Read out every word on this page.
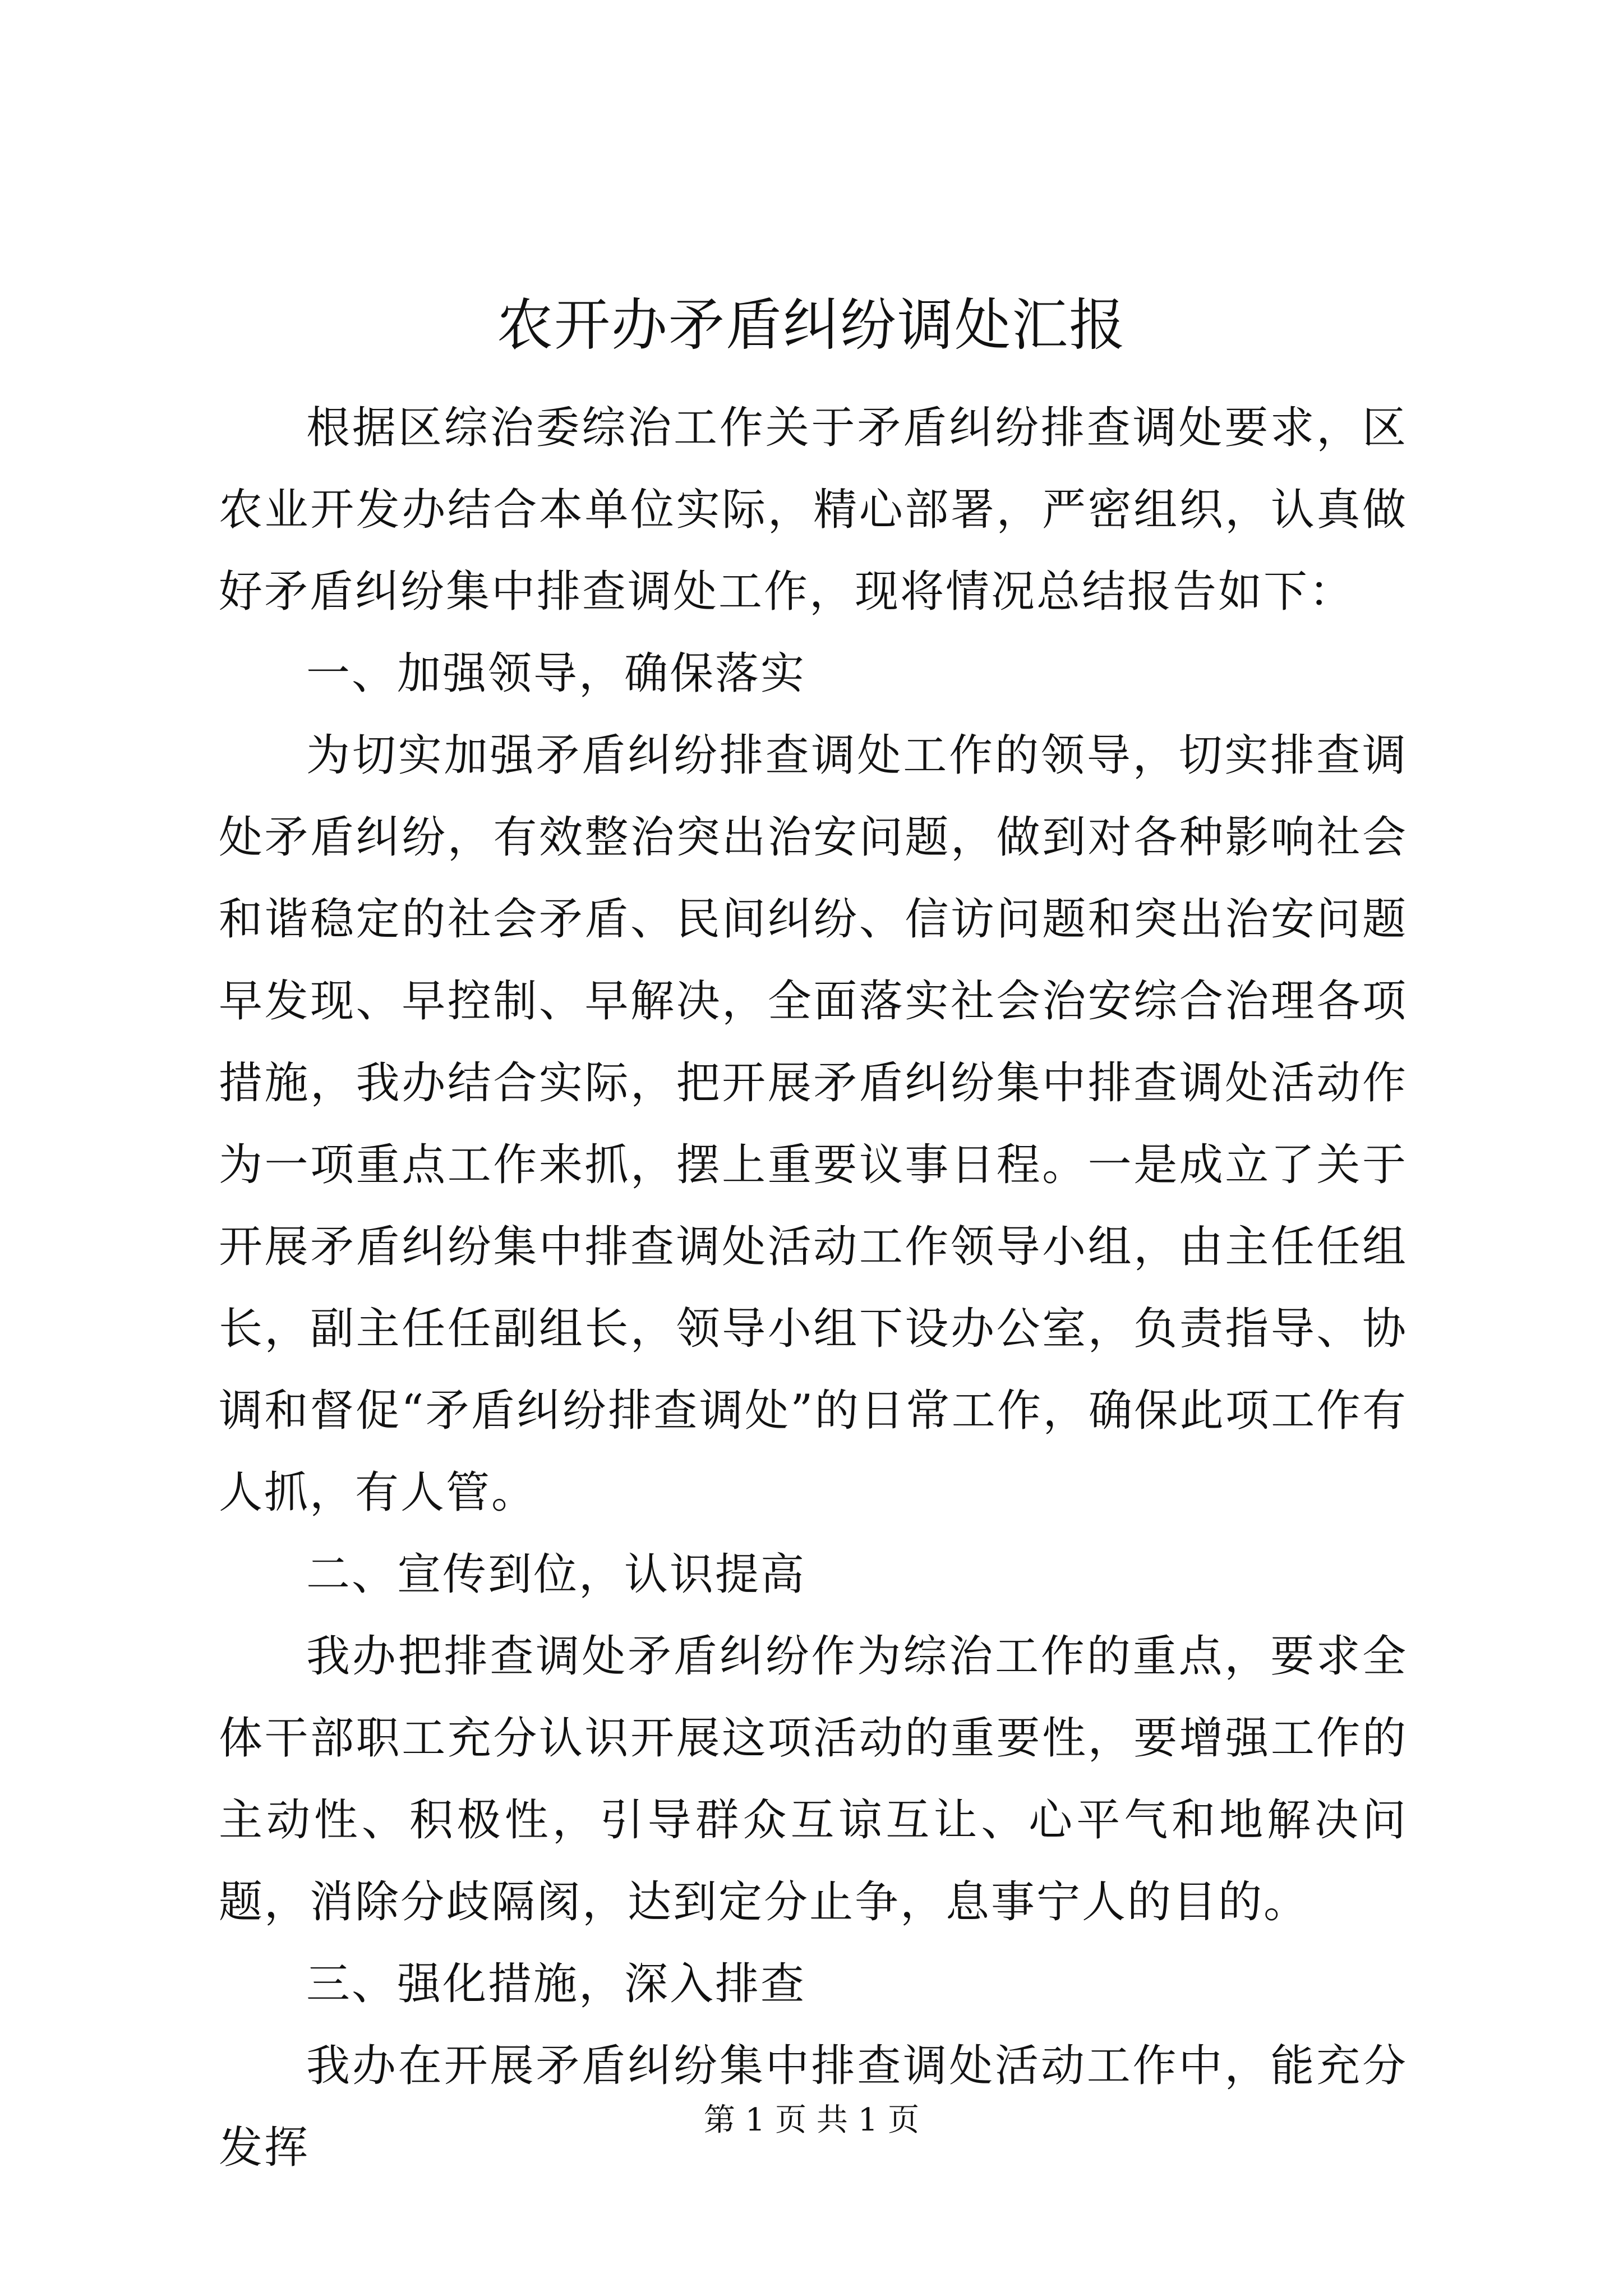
农开办矛盾纠纷调处汇报

根据区综治委综治工作关于矛盾纠纷排查调处要求，区农业开发办结合本单位实际，精心部署，严密组织，认真做好矛盾纠纷集中排查调处工作，现将情况总结报告如下：

一、加强领导，确保落实

为切实加强矛盾纠纷排查调处工作的领导，切实排查调处矛盾纠纷，有效整治突出治安问题，做到对各种影响社会和谐稳定的社会矛盾、民间纠纷、信访问题和突出治安问题早发现、早控制、早解决，全面落实社会治安综合治理各项措施，我办结合实际，把开展矛盾纠纷集中排查调处活动作为一项重点工作来抓，摆上重要议事日程。一是成立了关于开展矛盾纠纷集中排查调处活动工作领导小组，由主任任组长，副主任任副组长，领导小组下设办公室，负责指导、协调和督促“矛盾纠纷排查调处”的日常工作，确保此项工作有人抓，有人管。

二、宣传到位，认识提高

我办把排查调处矛盾纠纷作为综治工作的重点，要求全体干部职工充分认识开展这项活动的重要性，要增强工作的主动性、积极性，引导群众互谅互让、心平气和地解决问题，消除分歧隔阂，达到定分止争，息事宁人的目的。

三、强化措施，深入排查

我办在开展矛盾纠纷集中排查调处活动工作中，能充分发挥

第 1 页 共 1 页
